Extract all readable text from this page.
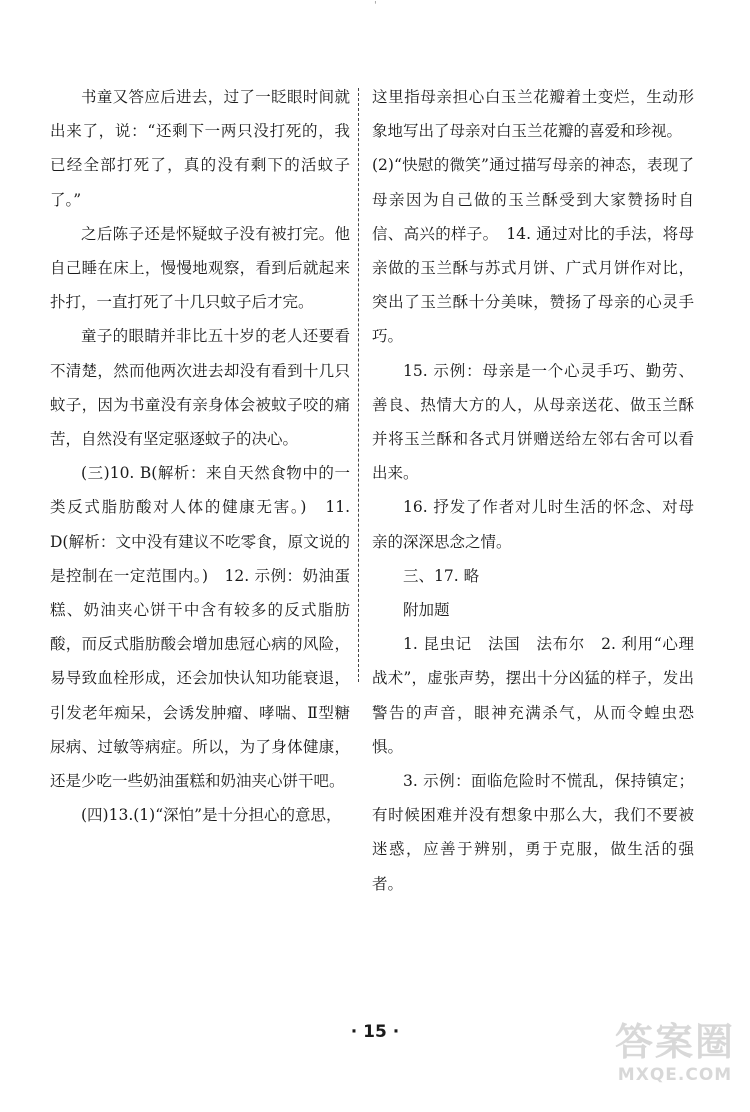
'

书童又答应后进去，过了一眨眼时间就出来了，说：“还剩下一两只没打死的，我已经全部打死了，真的没有剩下的活蚊子了。”

之后陈子还是怀疑蚊子没有被打完。他自己睡在床上，慢慢地观察，看到后就起来扑打，一直打死了十几只蚊子后才完。

童子的眼睛并非比五十岁的老人还要看不清楚，然而他两次进去却没有看到十几只蚊子，因为书童没有亲身体会被蚊子咬的痛苦，自然没有坚定驱逐蚊子的决心。

(三)10. B(解析：来自天然食物中的一类反式脂肪酸对人体的健康无害。)　11. D(解析：文中没有建议不吃零食，原文说的是控制在一定范围内。)　12. 示例：奶油蛋糕、奶油夹心饼干中含有较多的反式脂肪酸，而反式脂肪酸会增加患冠心病的风险，易导致血栓形成，还会加快认知功能衰退，引发老年痴呆，会诱发肿瘤、哮喘、Ⅱ型糖尿病、过敏等病症。所以，为了身体健康，还是少吃一些奶油蛋糕和奶油夹心饼干吧。

(四)13.(1)“深怕”是十分担心的意思，

这里指母亲担心白玉兰花瓣着土变烂，生动形象地写出了母亲对白玉兰花瓣的喜爱和珍视。

(2)“快慰的微笑”通过描写母亲的神态，表现了母亲因为自己做的玉兰酥受到大家赞扬时自信、高兴的样子。　14. 通过对比的手法，将母亲做的玉兰酥与苏式月饼、广式月饼作对比，突出了玉兰酥十分美味，赞扬了母亲的心灵手巧。

15. 示例：母亲是一个心灵手巧、勤劳、善良、热情大方的人，从母亲送花、做玉兰酥并将玉兰酥和各式月饼赠送给左邻右舍可以看出来。

16. 抒发了作者对儿时生活的怀念、对母亲的深深思念之情。

三、17. 略

附加题

1. 昆虫记　法国　法布尔　2. 利用“心理战术”，虚张声势，摆出十分凶猛的样子，发出警告的声音，眼神充满杀气，从而令蝗虫恐惧。

3. 示例：面临危险时不慌乱，保持镇定；有时候困难并没有想象中那么大，我们不要被迷惑，应善于辨别，勇于克服，做生活的强者。

· 15 ·	答案圈
MXQE.COM
